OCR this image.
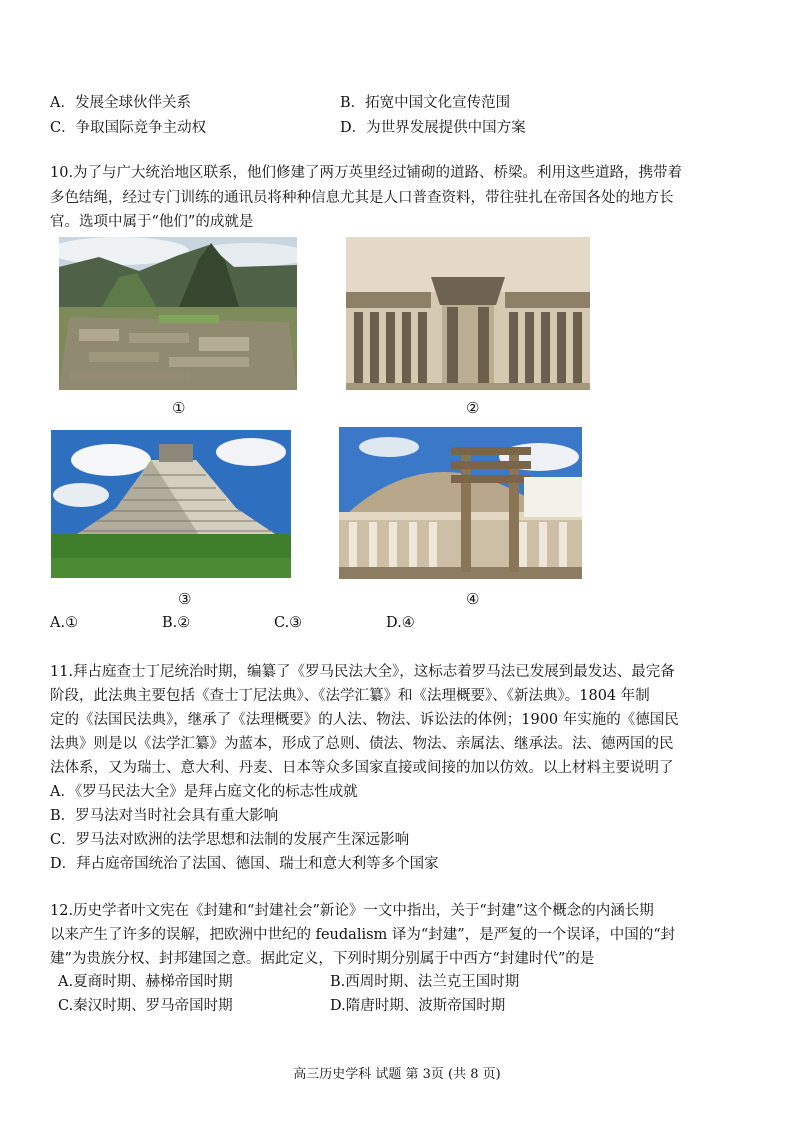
A．发展全球伙伴关系	B．拓宽中国文化宣传范围
C．争取国际竞争主动权	D．为世界发展提供中国方案
10.为了与广大统治地区联系，他们修建了两万英里经过铺砌的道路、桥梁。利用这些道路，携带着
多色结绳，经过专门训练的通讯员将种种信息尤其是人口普查资料，带往驻扎在帝国各处的地方长
官。选项中属于“他们”的成就是
①	②
③	④
A.①	B.②	C.③	D.④
11.拜占庭查士丁尼统治时期，编纂了《罗马民法大全》，这标志着罗马法已发展到最发达、最完备
阶段，此法典主要包括《查士丁尼法典》、《法学汇纂》和《法理概要》、《新法典》。1804 年制
定的《法国民法典》，继承了《法理概要》的人法、物法、诉讼法的体例；1900 年实施的《德国民
法典》则是以《法学汇纂》为蓝本，形成了总则、债法、物法、亲属法、继承法。法、德两国的民
法体系，又为瑞士、意大利、丹麦、日本等众多国家直接或间接的加以仿效。以上材料主要说明了
A．《罗马民法大全》是拜占庭文化的标志性成就
B．罗马法对当时社会具有重大影响
C．罗马法对欧洲的法学思想和法制的发展产生深远影响
D．拜占庭帝国统治了法国、德国、瑞士和意大利等多个国家
12.历史学者叶文宪在《封建和“封建社会”新论》一文中指出，关于“封建”这个概念的内涵长期
以来产生了许多的误解，把欧洲中世纪的 feudalism 译为“封建”，是严复的一个误译，中国的“封
建”为贵族分权、封邦建国之意。据此定义，下列时期分别属于中西方“封建时代”的是
A.夏商时期、赫梯帝国时期	B.西周时期、法兰克王国时期
C.秦汉时期、罗马帝国时期	D.隋唐时期、波斯帝国时期
高三历史学科 试题 第 3页 (共 8 页)
